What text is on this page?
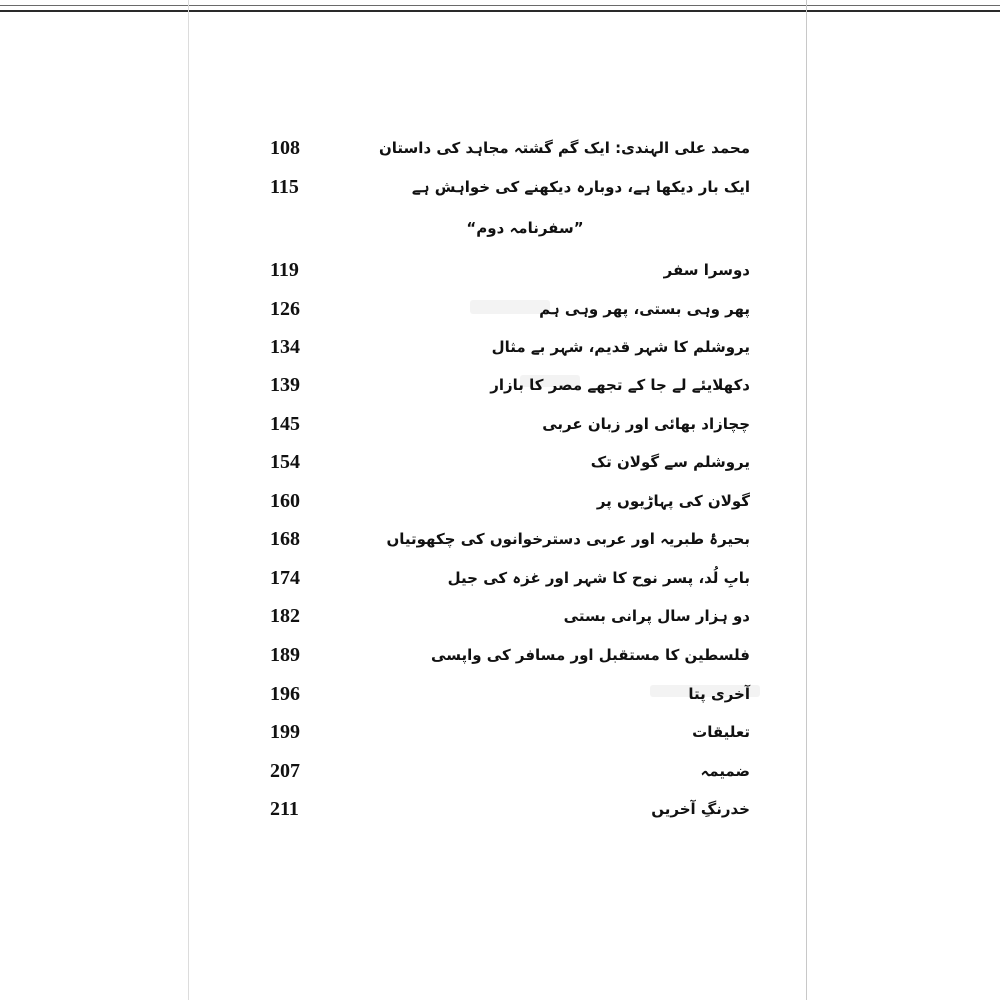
108	محمد علی الہندی: ایک گم گشتہ مجاہد کی داستان
115	ایک بار دیکھا ہے، دوبارہ دیکھنے کی خواہش ہے
”سفرنامہ دوم“
119	دوسرا سفر
126	پھر وہی بستی، پھر وہی ہم
134	یروشلم کا شہر قدیم، شہر بے مثال
139	دکھلایئے لے جا کے تجھے مصر کا بازار
145	چچازاد بھائی اور زبان عربی
154	یروشلم سے گولان تک
160	گولان کی پہاڑیوں پر
168	بحیرۂ طبریہ اور عربی دسترخوانوں کی چکھوتیاں
174	بابِ لُد، پسر نوح کا شہر اور غزہ کی جیل
182	دو ہزار سال پرانی بستی
189	فلسطین کا مستقبل اور مسافر کی واپسی
196	آخری پتا
199	تعلیقات
207	ضمیمہ
211	خدرنگِ آخریں
